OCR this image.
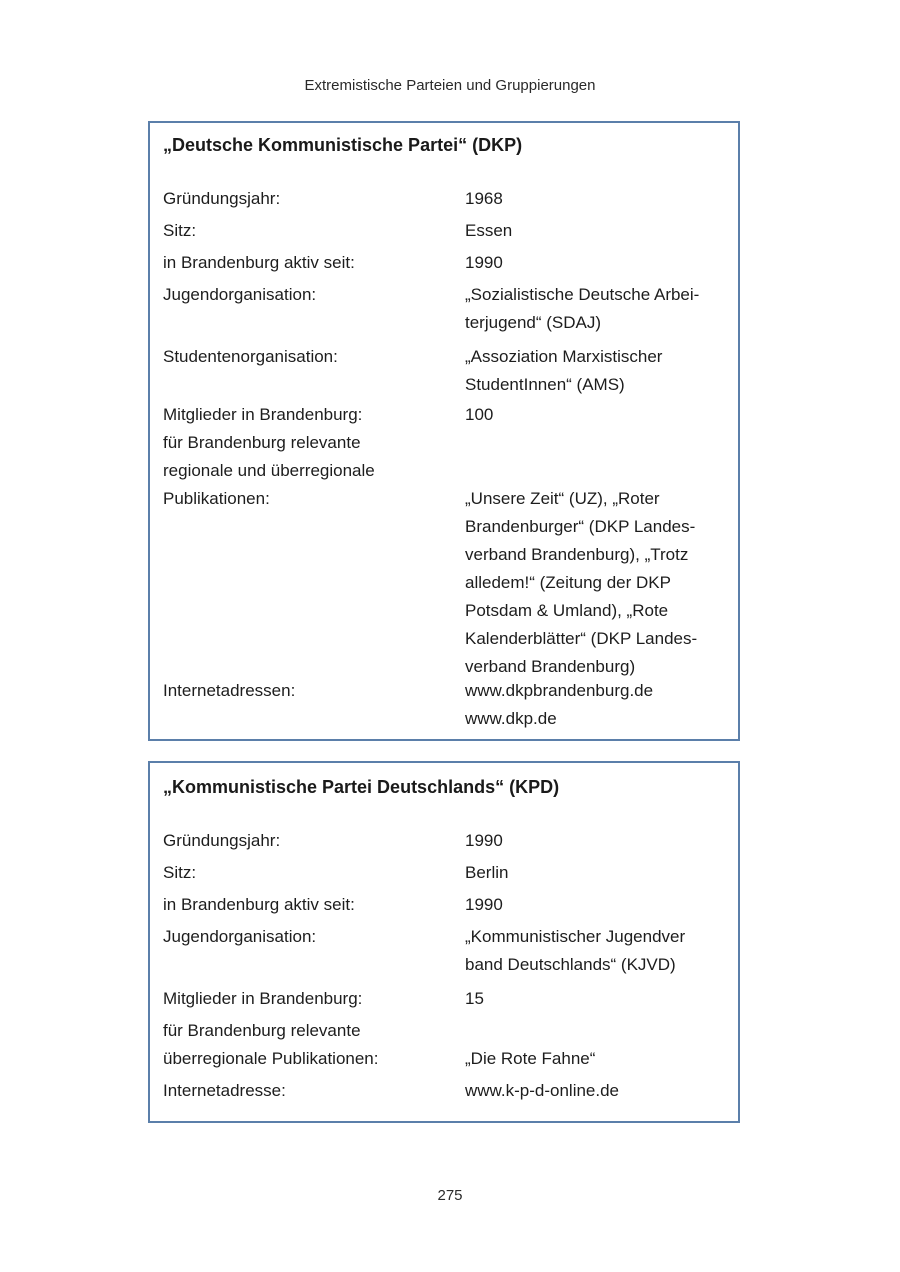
Extremistische Parteien und Gruppierungen
„Deutsche Kommunistische Partei“ (DKP)
Gründungsjahr:	1968
Sitz:	Essen
in Brandenburg aktiv seit:	1990
Jugendorganisation:	„Sozialistische Deutsche Arbei-
terjugend“ (SDAJ)
Studentenorganisation:	„Assoziation Marxistischer
StudentInnen“ (AMS)
Mitglieder in Brandenburg:	100
für Brandenburg relevante
regionale und überregionale
Publikationen:	„Unsere Zeit“ (UZ), „Roter
Brandenburger“ (DKP Landes-
verband Brandenburg), „Trotz
alledem!“ (Zeitung der DKP
Potsdam & Umland), „Rote
Kalenderblätter“ (DKP Landes-
verband Brandenburg)
Internetadressen:	www.dkpbrandenburg.de
www.dkp.de
„Kommunistische Partei Deutschlands“ (KPD)
Gründungsjahr:	1990
Sitz:	Berlin
in Brandenburg aktiv seit:	1990
Jugendorganisation:	„Kommunistischer Jugendver
band Deutschlands“ (KJVD)
Mitglieder in Brandenburg:	15
für Brandenburg relevante
überregionale Publikationen:	„Die Rote Fahne“
Internetadresse:	www.k-p-d-online.de
275
